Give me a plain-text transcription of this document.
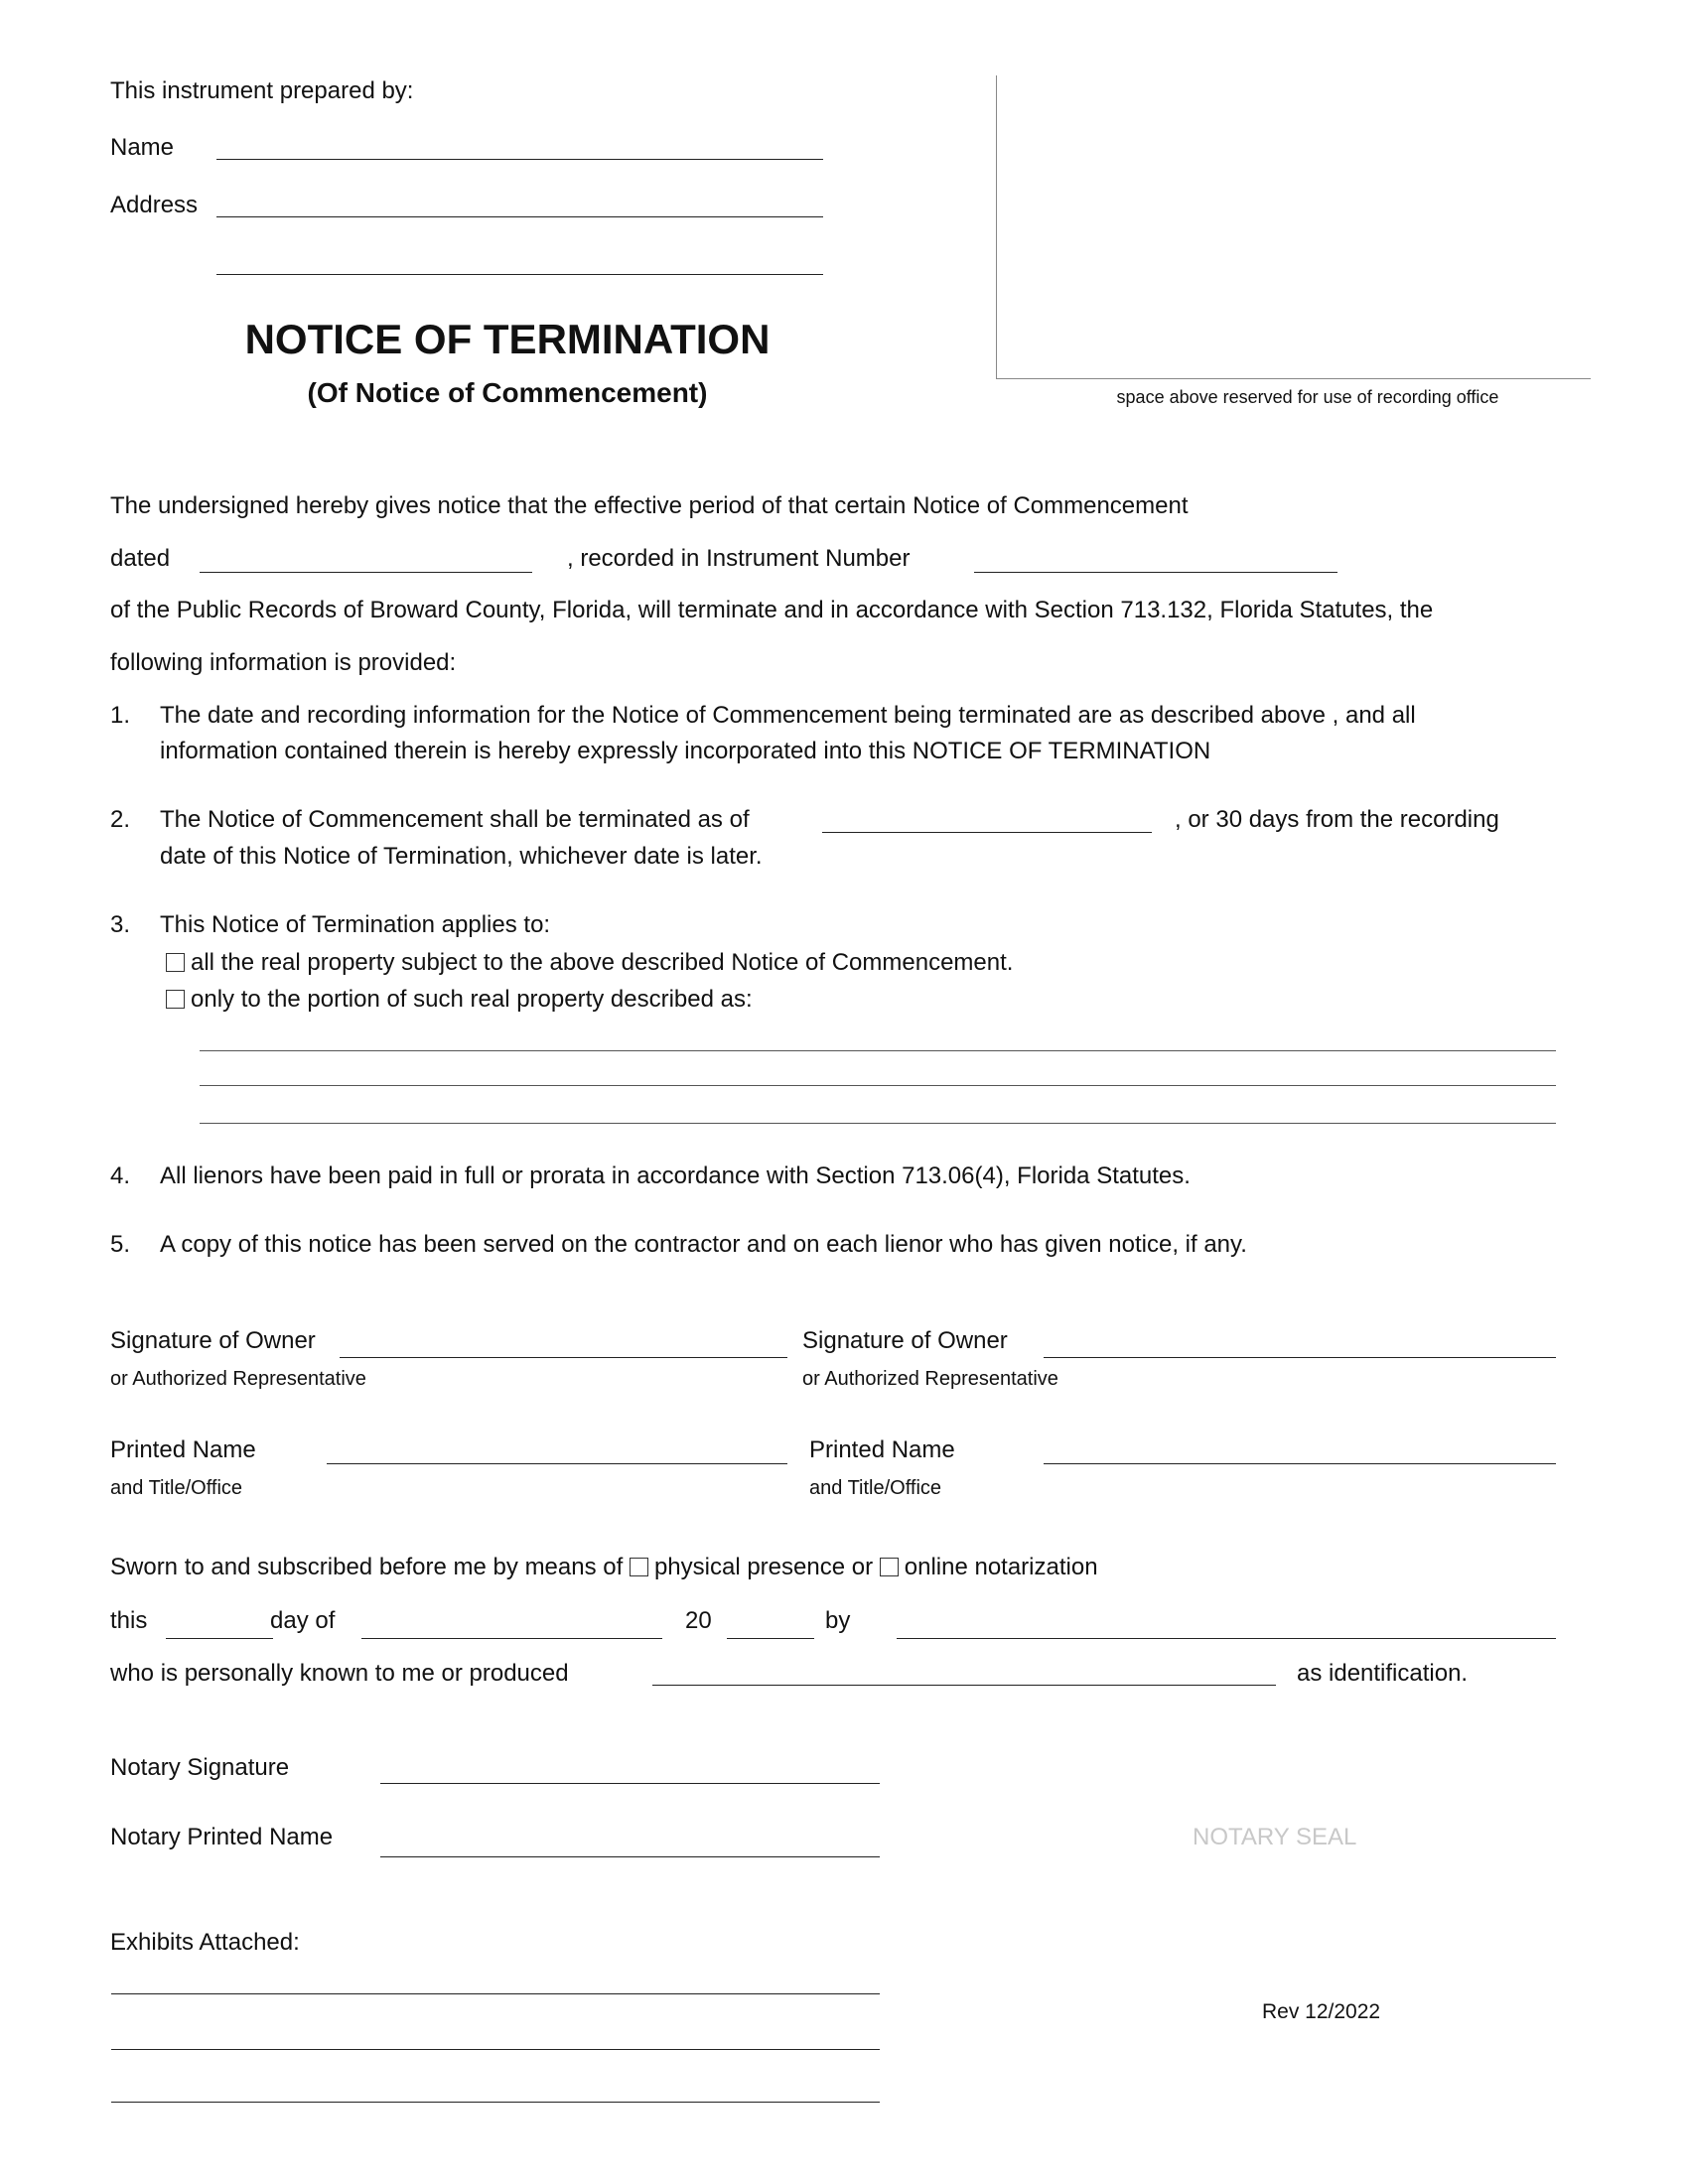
This instrument prepared by:
Name
Address
NOTICE OF TERMINATION
(Of Notice of Commencement)	space above reserved for use of recording office
The undersigned hereby gives notice that the effective period of that certain Notice of Commencement
dated	, recorded in Instrument Number
of the Public Records of Broward County, Florida, will terminate and in accordance with Section 713.132, Florida Statutes, the
following information is provided:
1. The date and recording information for the Notice of Commencement being terminated are as described above , and all
information contained therein is hereby expressly incorporated into this NOTICE OF TERMINATION
2. The Notice of Commencement shall be terminated as of	, or 30 days from the recording
date of this Notice of Termination, whichever date is later.
3. This Notice of Termination applies to:
all the real property subject to the above described Notice of Commencement.
only to the portion of such real property described as:
4. All lienors have been paid in full or prorata in accordance with Section 713.06(4), Florida Statutes.
5. A copy of this notice has been served on the contractor and on each lienor who has given notice, if any.
Signature of Owner
or Authorized Representative
Signature of Owner
or Authorized Representative
Printed Name
and Title/Office
Printed Name
and Title/Office
Sworn to and subscribed before me by means of physical presence or online notarization
this	day of	20	by
who is personally known to me or produced	as identification.
Notary Signature
Notary Printed Name	NOTARY SEAL
Exhibits Attached:
Rev 12/2022
